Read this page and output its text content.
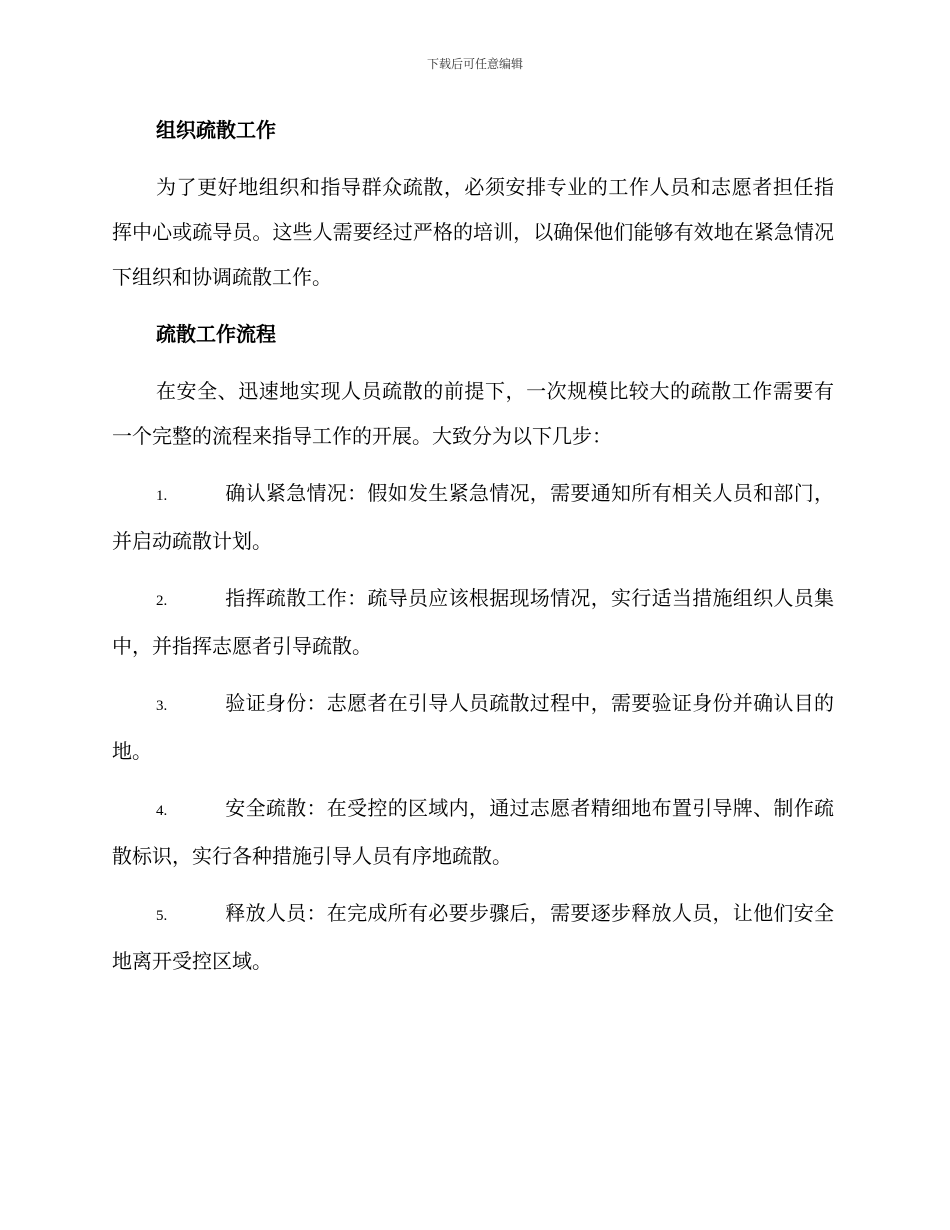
下载后可任意编辑
组织疏散工作

为了更好地组织和指导群众疏散，必须安排专业的工作人员和志愿者担任指挥中心或疏导员。这些人需要经过严格的培训，以确保他们能够有效地在紧急情况下组织和协调疏散工作。

疏散工作流程

在安全、迅速地实现人员疏散的前提下，一次规模比较大的疏散工作需要有一个完整的流程来指导工作的开展。大致分为以下几步：

1.	确认紧急情况：假如发生紧急情况，需要通知所有相关人员和部门，并启动疏散计划。

2.	指挥疏散工作：疏导员应该根据现场情况，实行适当措施组织人员集中，并指挥志愿者引导疏散。

3.	验证身份：志愿者在引导人员疏散过程中，需要验证身份并确认目的地。

4.	安全疏散：在受控的区域内，通过志愿者精细地布置引导牌、制作疏散标识，实行各种措施引导人员有序地疏散。

5.	释放人员：在完成所有必要步骤后，需要逐步释放人员，让他们安全地离开受控区域。
